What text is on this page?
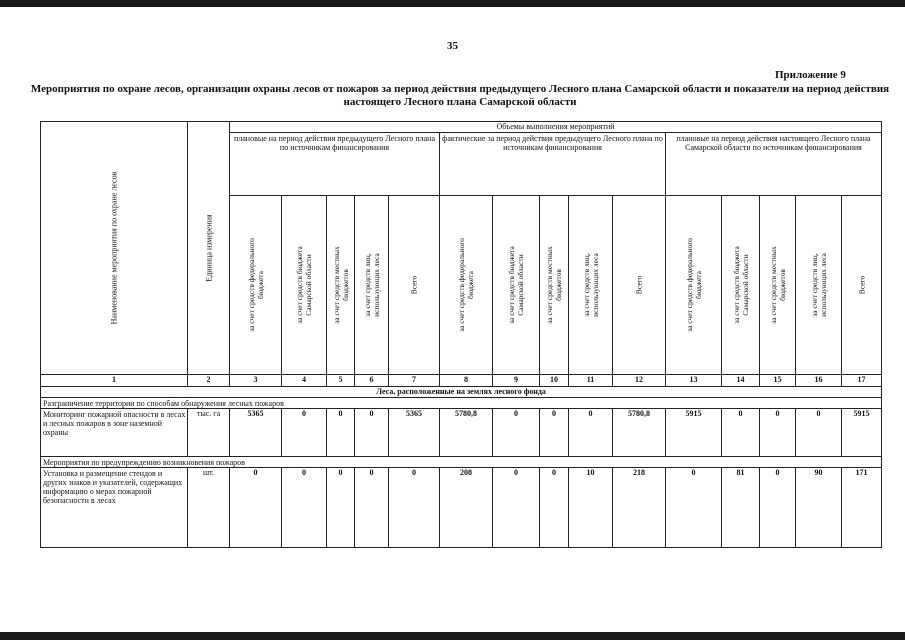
35
Приложение 9
Мероприятия по охране лесов, организации охраны лесов от пожаров за период действия предыдущего Лесного плана Самарской области и показатели на период действия настоящего Лесного плана Самарской области
Наименование мероприятия по охране лесов	Единица измерения	Объемы выполнения мероприятий														
		плановые на период действия предыдущего Лесного плана по источникам финансирования					фактические за период действия предыдущего Лесного плана по источникам финансирования					плановые на период действия настоящего Лесного плана Самарской области по источникам финансирования				

		за счет средств федерального бюджета	за счет средств бюджета Самарской области	за счет средств местных бюджетов	за счет средств лиц, использующих леса	Всего	за счет средств федерального бюджета	за счет средств бюджета Самарской области	за счет средств местных бюджетов	за счет средств лиц, использующих леса	Всего	за счет средств федерального бюджета	за счет средств бюджета Самарской области	за счет средств местных бюджетов	за счет средств лиц, использующих леса	Всего

1	2	3	4	5	6	7	8	9	10	11	12	13	14	15	16	17
Леса, расположенные на землях лесного фонда																
Разграничение территории по способам обнаружения лесных пожаров																
Мониторинг пожарной опасности в лесах и лесных пожаров в зоне наземной охраны	тыс. га	5365	0	0	0	5365	5780,8	0	0	0	5780,8	5915	0	0	0	5915
Мероприятия по предупреждению возникновения пожаров																
Установка и размещение стендов и других знаков и указателей, содержащих информацию о мерах пожарной безопасности в лесах	шт.	0	0	0	0	0	208	0	0	10	218	0	81	0	90	171
